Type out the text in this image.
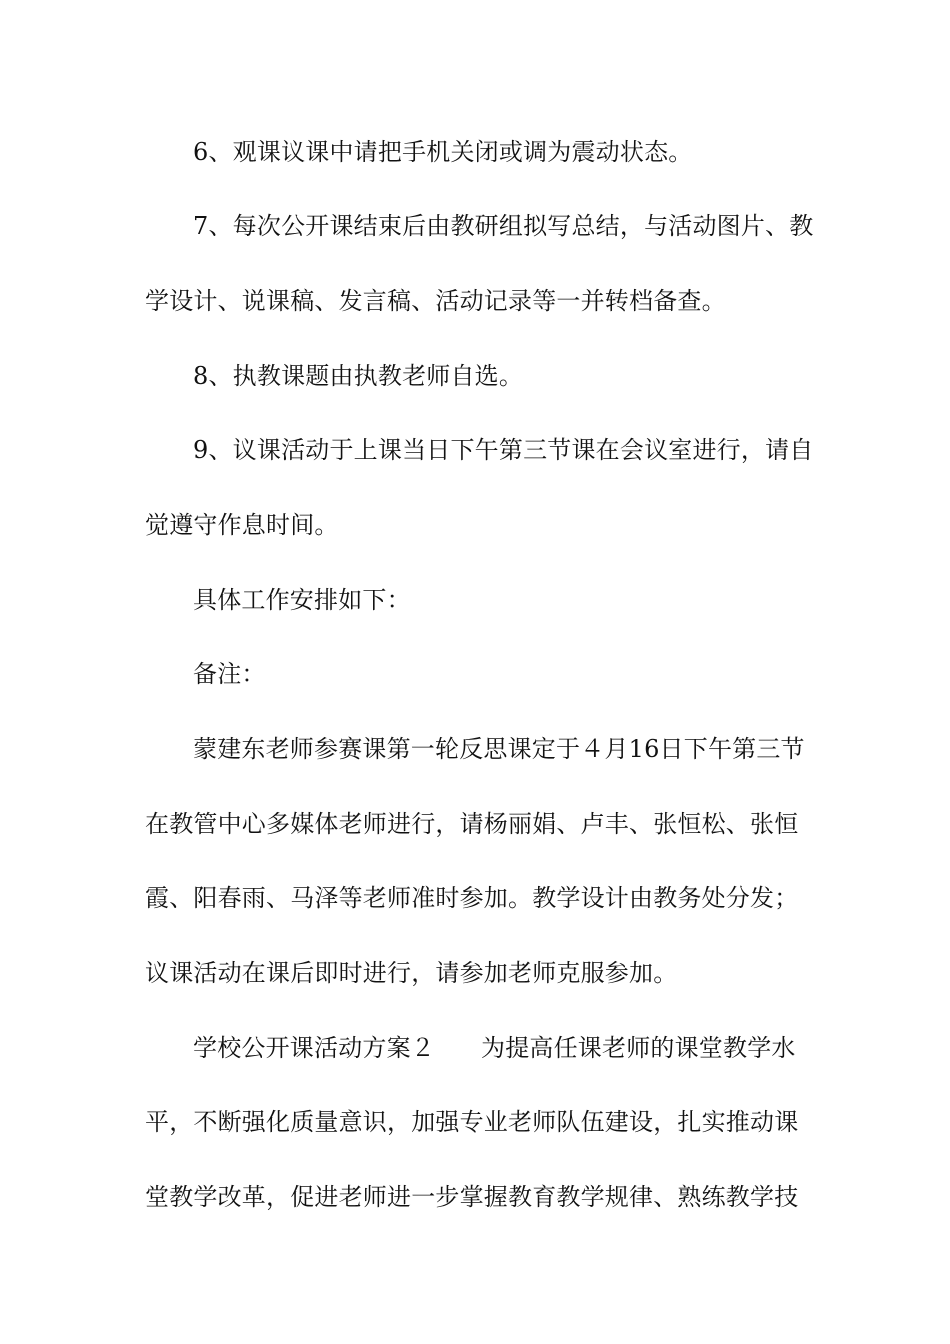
6、观课议课中请把手机关闭或调为震动状态。
7、每次公开课结束后由教研组拟写总结，与活动图片、教
学设计、说课稿、发言稿、活动记录等一并转档备查。
8、执教课题由执教老师自选。
9、议课活动于上课当日下午第三节课在会议室进行，请自
觉遵守作息时间。
具体工作安排如下：
备注：
蒙建东老师参赛课第一轮反思课定于４月16日下午第三节
在教管中心多媒体老师进行，请杨丽娟、卢丰、张恒松、张恒
霞、阳春雨、马泽等老师准时参加。教学设计由教务处分发；
议课活动在课后即时进行，请参加老师克服参加。
学校公开课活动方案２ 为提高任课老师的课堂教学水
平，不断强化质量意识，加强专业老师队伍建设，扎实推动课
堂教学改革，促进老师进一步掌握教育教学规律、熟练教学技
